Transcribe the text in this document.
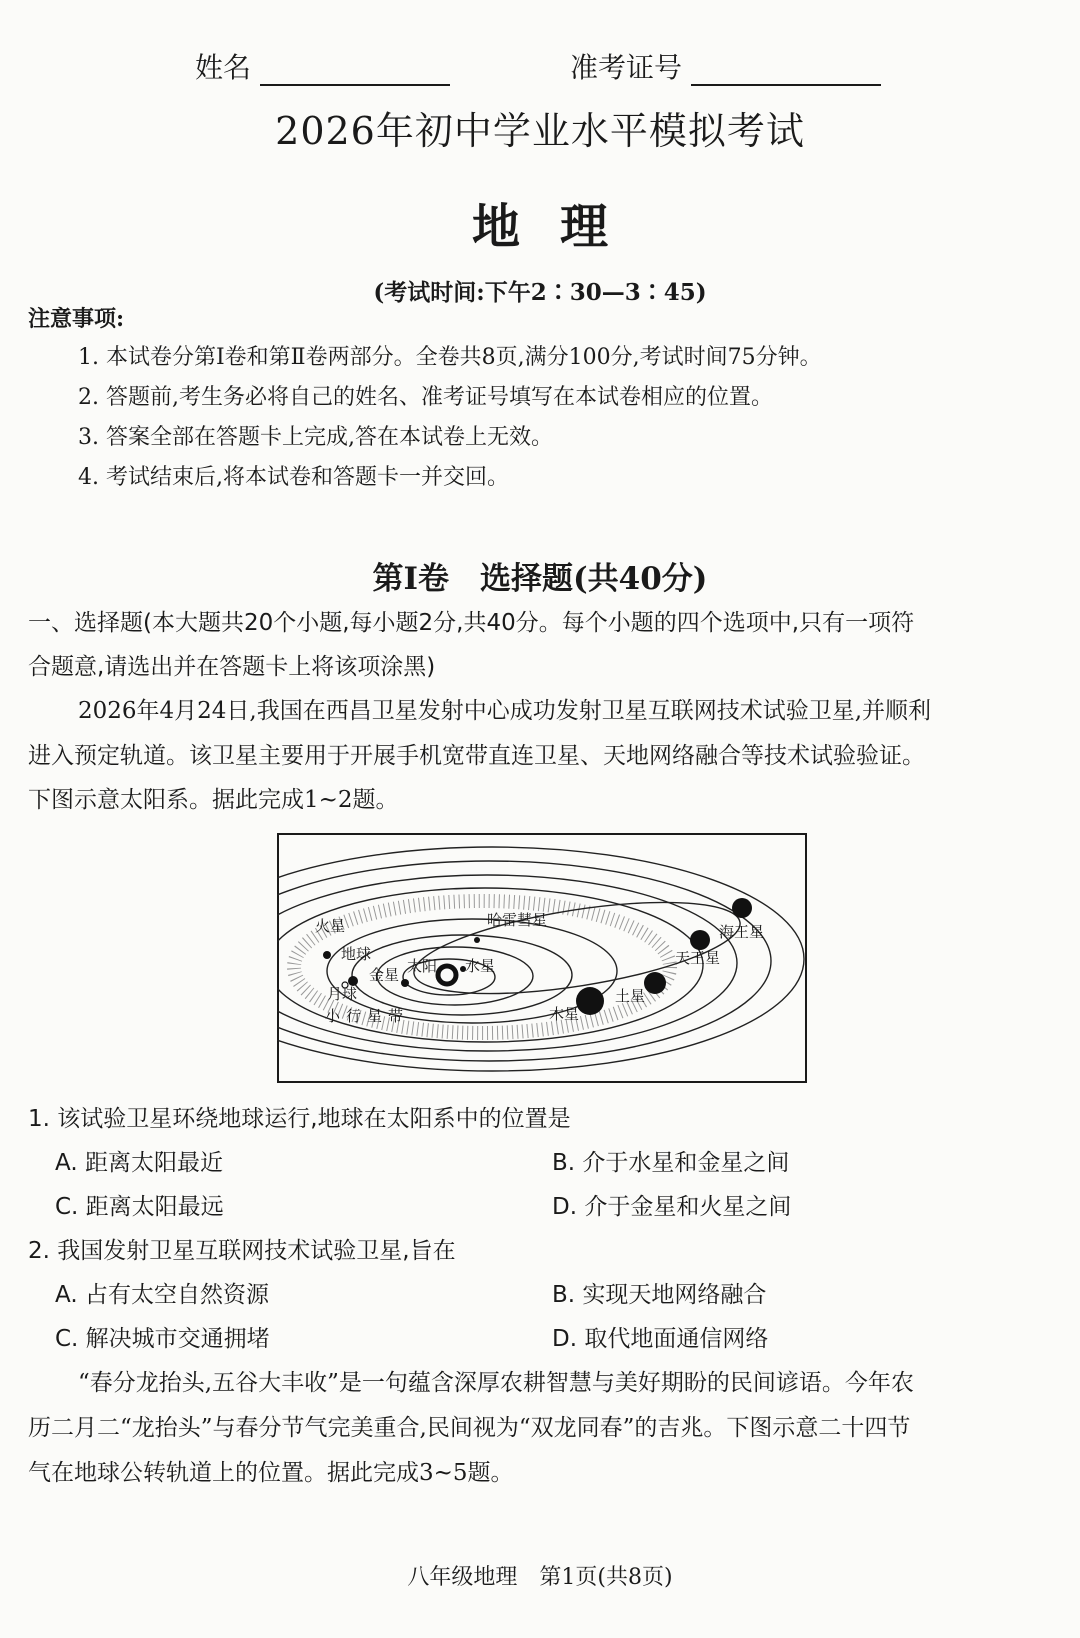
姓名	准考证号
2026年初中学业水平模拟考试
地理
(考试时间:下午2∶30—3∶45)
注意事项:
1. 本试卷分第Ⅰ卷和第Ⅱ卷两部分。全卷共8页,满分100分,考试时间75分钟。
2. 答题前,考生务必将自己的姓名、准考证号填写在本试卷相应的位置。
3. 答案全部在答题卡上完成,答在本试卷上无效。
4. 考试结束后,将本试卷和答题卡一并交回。
第Ⅰ卷　选择题(共40分)
一、选择题(本大题共20个小题,每小题2分,共40分。每个小题的四个选项中,只有一项符
合题意,请选出并在答题卡上将该项涂黑)
2026年4月24日,我国在西昌卫星发射中心成功发射卫星互联网技术试验卫星,并顺利
进入预定轨道。该卫星主要用于开展手机宽带直连卫星、天地网络融合等技术试验验证。
下图示意太阳系。据此完成1~2题。
哈雷彗星
火星
地球
太阳 水星
金星
月球
小行星带	木星
土星
天王星
海王星
1. 该试验卫星环绕地球运行,地球在太阳系中的位置是
A. 距离太阳最近	B. 介于水星和金星之间
C. 距离太阳最远	D. 介于金星和火星之间
2. 我国发射卫星互联网技术试验卫星,旨在
A. 占有太空自然资源	B. 实现天地网络融合
C. 解决城市交通拥堵	D. 取代地面通信网络
“春分龙抬头,五谷大丰收”是一句蕴含深厚农耕智慧与美好期盼的民间谚语。今年农
历二月二“龙抬头”与春分节气完美重合,民间视为“双龙同春”的吉兆。下图示意二十四节
气在地球公转轨道上的位置。据此完成3~5题。
八年级地理　第1页(共8页)
